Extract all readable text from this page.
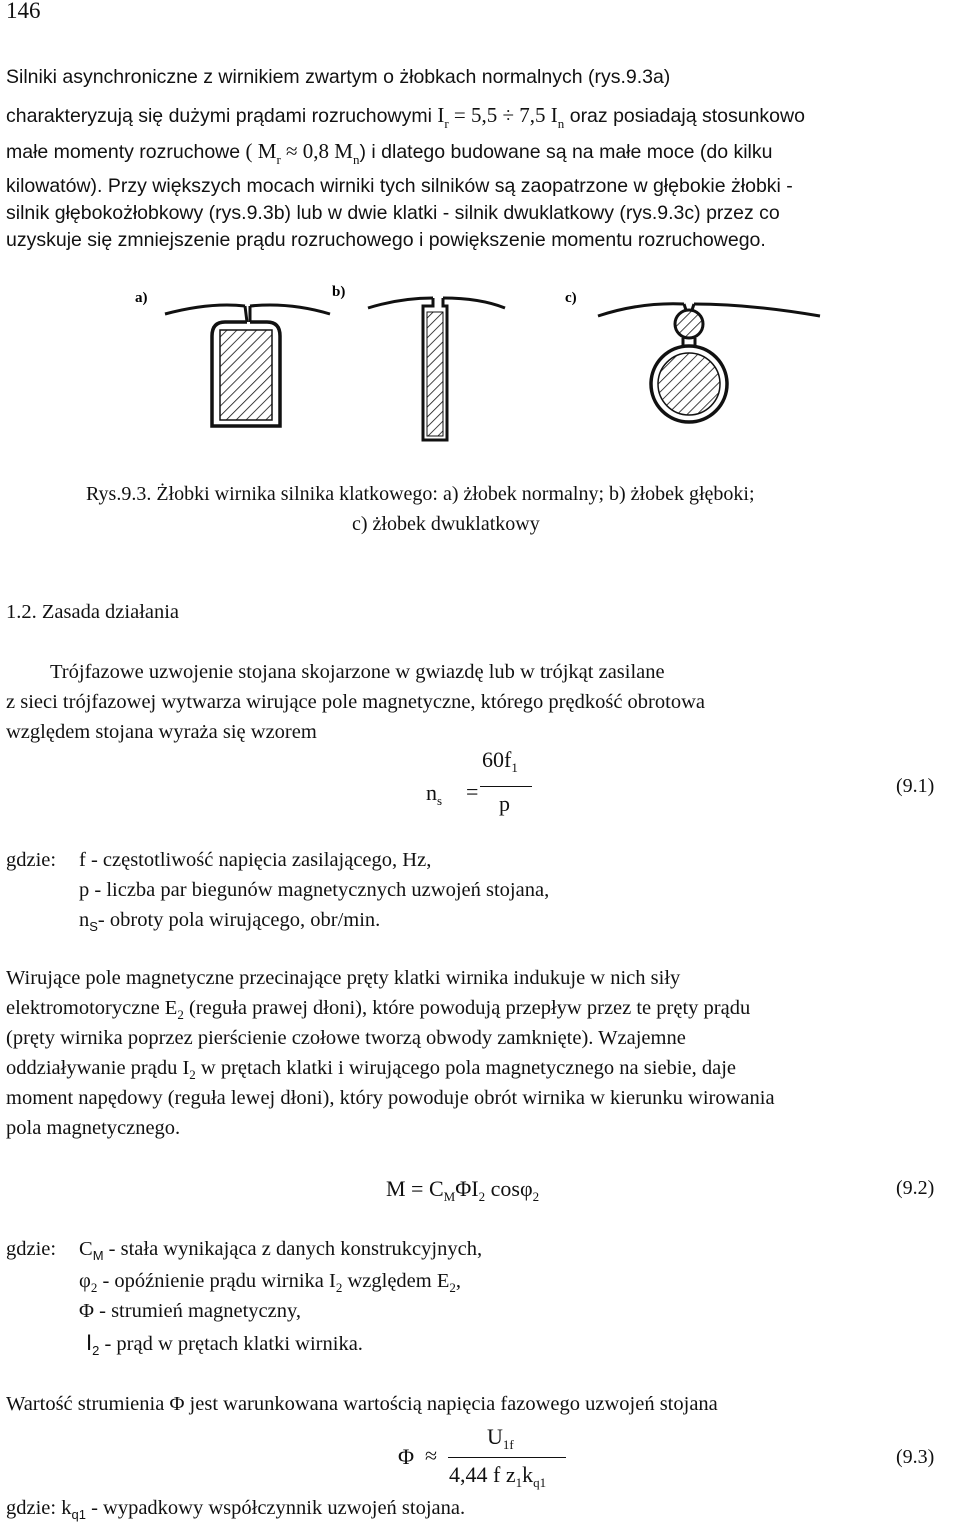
146
Silniki asynchroniczne z wirnikiem zwartym o żłobkach normalnych (rys.9.3a)
charakteryzują się dużymi prądami rozruchowymi $I_r = 5,5 \div 7,5$ $I_n$ oraz posiadają stosunkowo
małe momenty rozruchowe ( $M_r \approx 0,8$ $M_n$) i dlatego budowane są na małe moce (do kilku
kilowatów). Przy większych mocach wirniki tych silników są zaopatrzone w głębokie żłobki -
silnik głębokożłobkowy (rys.9.3b) lub w dwie klatki - silnik dwuklatkowy (rys.9.3c) przez co
uzyskuje się zmniejszenie prądu rozruchowego i powiększenie momentu rozruchowego.
a)	b)	c)
Rys.9.3. Żłobki wirnika silnika klatkowego: a) żłobek normalny; b) żłobek głęboki;
c) żłobek dwuklatkowy
1.2. Zasada działania
Trójfazowe uzwojenie stojana skojarzone w gwiazdę lub w trójkąt zasilane
z sieci trójfazowej wytwarza wirujące pole magnetyczne, którego prędkość obrotowa
względem stojana wyraża się wzorem
$n_s$ =
$60f_1$
p
(9.1)
gdzie: f - częstotliwość napięcia zasilającego, Hz,
p - liczba par biegunów magnetycznych uzwojeń stojana,
$n_S-$ obroty pola wirującego, obr/min.
Wirujące pole magnetyczne przecinające pręty klatki wirnika indukuje w nich siły
elektromotoryczne $E_2$ (reguła prawej dłoni), które powodują przepływ przez te pręty prądu
(pręty wirnika poprzez pierścienie czołowe tworzą obwody zamknięte). Wzajemne
oddziaływanie prądu $I_2$ w prętach klatki i wirującego pola magnetycznego na siebie, daje
moment napędowy (reguła lewej dłoni), który powoduje obrót wirnika w kierunku wirowania
pola magnetycznego.
$M = C_M\Phi I_2$ cosφ$_2$	(9.2)
gdzie: $C_M$ - stała wynikająca z danych konstrukcyjnych,
$\varphi_2$ - opóźnienie prądu wirnika $I_2$ względem $E_2$,
Φ - strumień magnetyczny,
$I_2$ - prąd w prętach klatki wirnika.
Wartość strumienia Φ jest warunkowana wartością napięcia fazowego uzwojeń stojana
Φ ≈
$U_{1f}$
4,44 f $z_1k_{q1}$
(9.3)
gdzie: $k_{q1}$ - wypadkowy współczynnik uzwojeń stojana.
